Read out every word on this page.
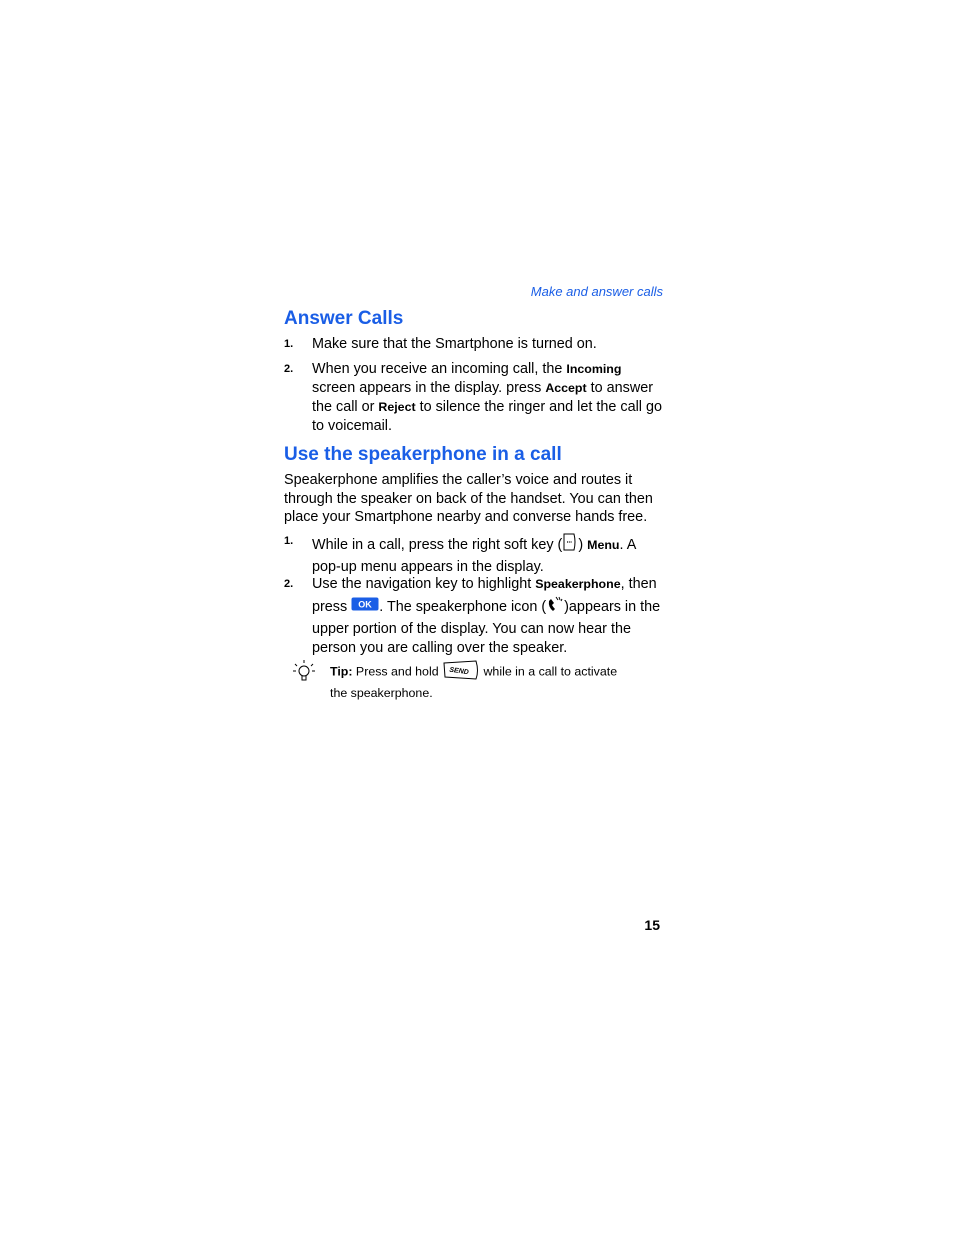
Make and answer calls
Answer Calls
1. Make sure that the Smartphone is turned on.
2. When you receive an incoming call, the Incoming screen appears in the display. press Accept to answer the call or Reject to silence the ringer and let the call go
to voicemail.
Use the speakerphone in a call
Speakerphone amplifies the caller’s voice and routes it through the speaker on back of the handset. You can then place your Smartphone nearby and converse hands free.
1. While in a call, press the right soft key ( ) Menu. A pop-up menu appears in the display.
2. Use the navigation key to highlight Speakerphone, then press OK . The speakerphone icon ( )appears in the upper portion of the display. You can now hear the person you are calling over the speaker.
Tip: Press and hold SEND while in a call to activate
the speakerphone.
15
